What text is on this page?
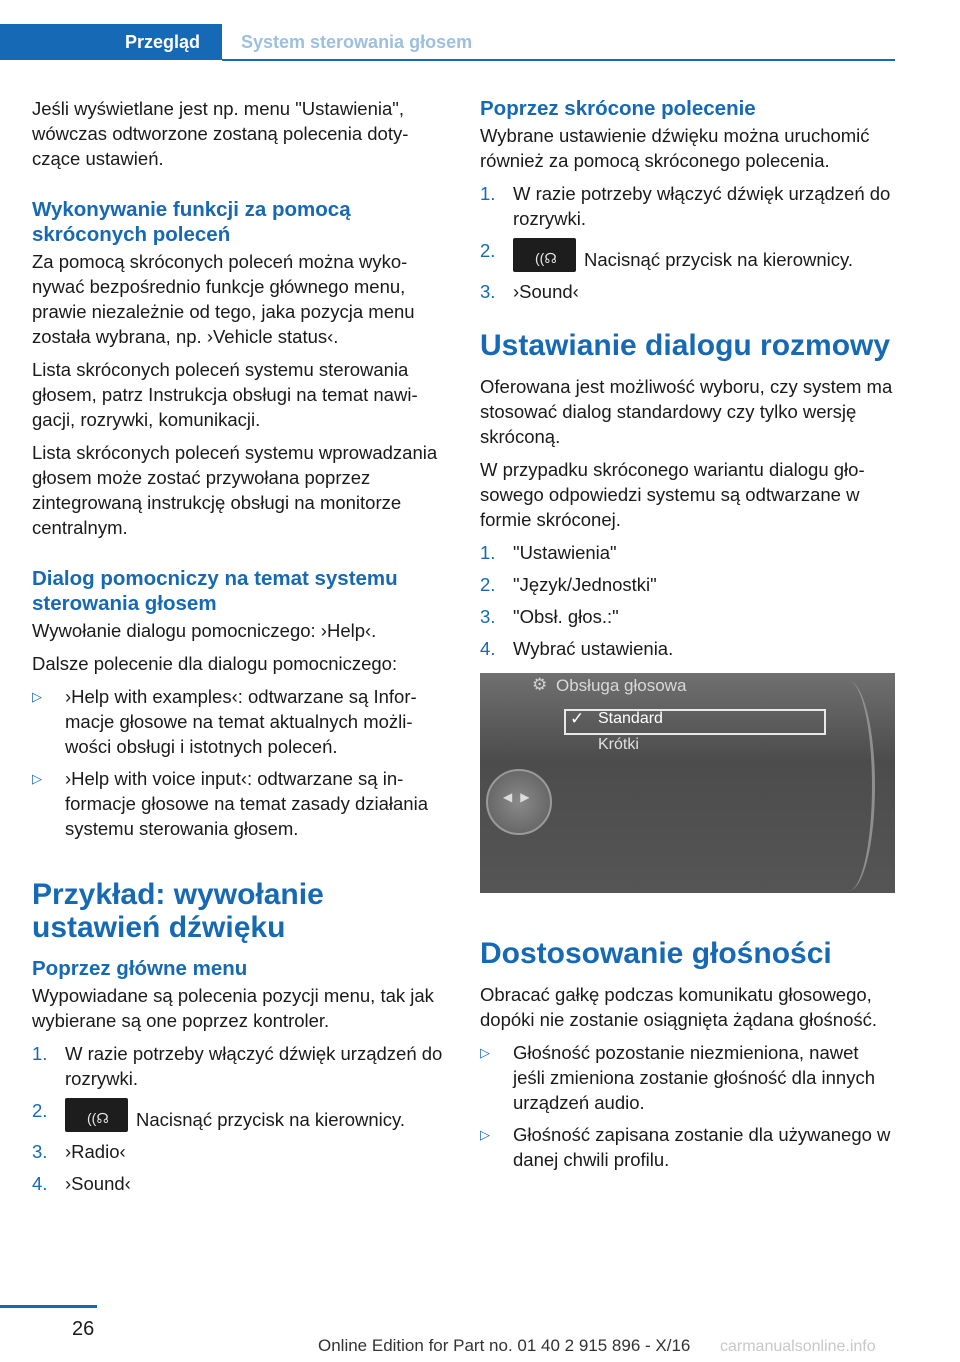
Przegląd	System sterowania głosem

Jeśli wyświetlane jest np. menu "Ustawienia", wówczas odtworzone zostaną polecenia dotyczące ustawień.

Wykonywanie funkcji za pomocą skróconych poleceń

Za pomocą skróconych poleceń można wykonywać bezpośrednio funkcje głównego menu, prawie niezależnie od tego, jaka pozycja menu została wybrana, np. ›Vehicle status‹.

Lista skróconych poleceń systemu sterowania głosem, patrz Instrukcja obsługi na temat nawigacji, rozrywki, komunikacji.

Lista skróconych poleceń systemu wprowadzania głosem może zostać przywołana poprzez zintegrowaną instrukcję obsługi na monitorze centralnym.

Dialog pomocniczy na temat systemu sterowania głosem

Wywołanie dialogu pomocniczego: ›Help‹.

Dalsze polecenie dla dialogu pomocniczego:

▷ ›Help with examples‹: odtwarzane są Informacje głosowe na temat aktualnych możliwości obsługi i istotnych poleceń.
▷ ›Help with voice input‹: odtwarzane są informacje głosowe na temat zasady działania systemu sterowania głosem.
Przykład: wywołanie ustawień dźwięku
Poprzez główne menu

Wypowiadane są polecenia pozycji menu, tak jak wybierane są one poprzez kontroler.

1. W razie potrzeby włączyć dźwięk urządzeń do rozrywki.
2.	((☊ Nacisnąć przycisk na kierownicy.
3. ›Radio‹
4. ›Sound‹
Poprzez skrócone polecenie

Wybrane ustawienie dźwięku można uruchomić również za pomocą skróconego polecenia.

1. W razie potrzeby włączyć dźwięk urządzeń do rozrywki.
2.	((☊ Nacisnąć przycisk na kierownicy.
3. ›Sound‹
Ustawianie dialogu rozmowy

Oferowana jest możliwość wyboru, czy system ma stosować dialog standardowy czy tylko wersję skróconą.

W przypadku skróconego wariantu dialogu głosowego odpowiedzi systemu są odtwarzane w formie skróconej.

1. "Ustawienia"
2. "Język/Jednostki"
3. "Obsł. głos.:"
4. Wybrać ustawienia.
⚙ Obsługa głosowa
✓ Standard
Krótki
◀▶
Dostosowanie głośności

Obracać gałkę podczas komunikatu głosowego, dopóki nie zostanie osiągnięta żądana głośność.

▷ Głośność pozostanie niezmieniona, nawet jeśli zmieniona zostanie głośność dla innych urządzeń audio.
▷ Głośność zapisana zostanie dla używanego w danej chwili profilu.
26
Online Edition for Part no. 01 40 2 915 896 - X/16 carmanualsonline.info
